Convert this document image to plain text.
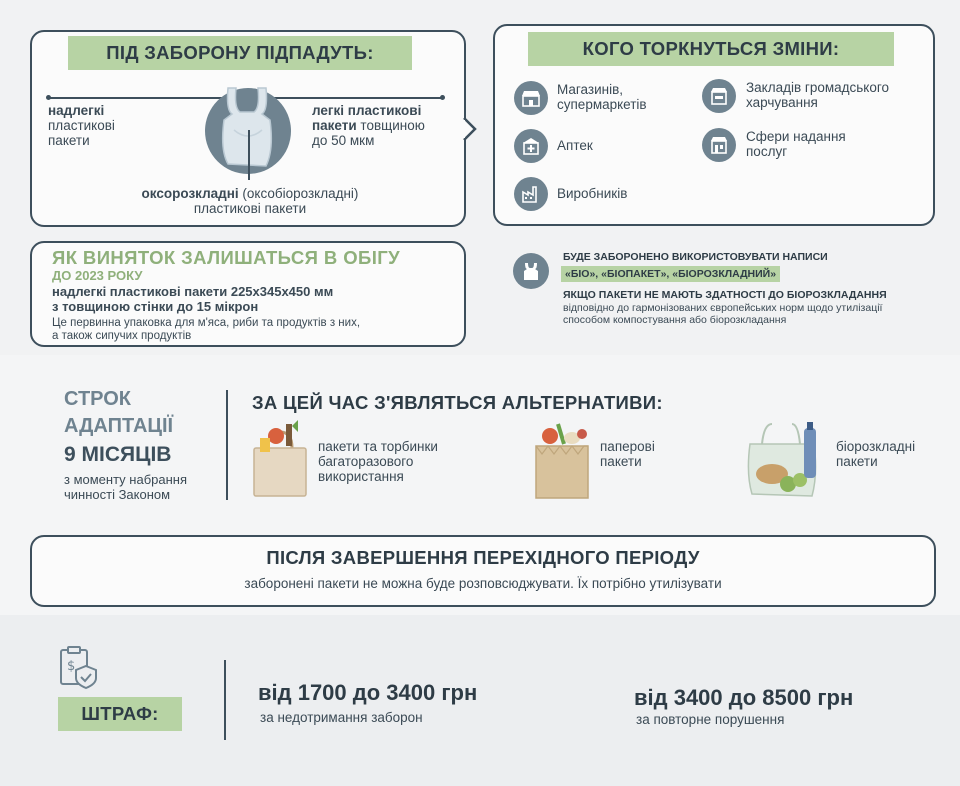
ПІД ЗАБОРОНУ ПІДПАДУТЬ:
надлегкі
пластикові
пакети
легкі пластикові
пакети товщиною
до 50 мкм
оксорозкладні (оксобіорозкладні)
пластикові пакети
КОГО ТОРКНУТЬСЯ ЗМІНИ:
Магазинів,
супермаркетів
Закладів громадського
харчування
Аптек
Сфери надання
послуг
Виробників
ЯК ВИНЯТОК ЗАЛИШАТЬСЯ В ОБІГУ
ДО 2023 РОКУ
надлегкі пластикові пакети 225х345х450 мм
з товщиною стінки до 15 мікрон
Це первинна упаковка для м'яса, риби та продуктів з них,
а також сипучих продуктів
БУДЕ ЗАБОРОНЕНО ВИКОРИСТОВУВАТИ НАПИСИ
«БІО», «БІОПАКЕТ», «БІОРОЗКЛАДНИЙ»
ЯКЩО ПАКЕТИ НЕ МАЮТЬ ЗДАТНОСТІ ДО БІОРОЗКЛАДАННЯ
відповідно до гармонізованих європейських норм щодо утилізації
способом компостування або біорозкладання
СТРОК
АДАПТАЦІЇ
9 МІСЯЦІВ
з моменту набрання
чинності Законом
ЗА ЦЕЙ ЧАС З'ЯВЛЯТЬСЯ АЛЬТЕРНАТИВИ:
пакети та торбинки
багаторазового
використання
паперові
пакети
біорозкладні
пакети
ПІСЛЯ ЗАВЕРШЕННЯ ПЕРЕХІДНОГО ПЕРІОДУ
заборонені пакети не можна буде розповсюджувати. Їх потрібно утилізувати
$
ШТРАФ:
від 1700 до 3400 грн
за недотримання заборон
від 3400 до 8500 грн
за повторне порушення
